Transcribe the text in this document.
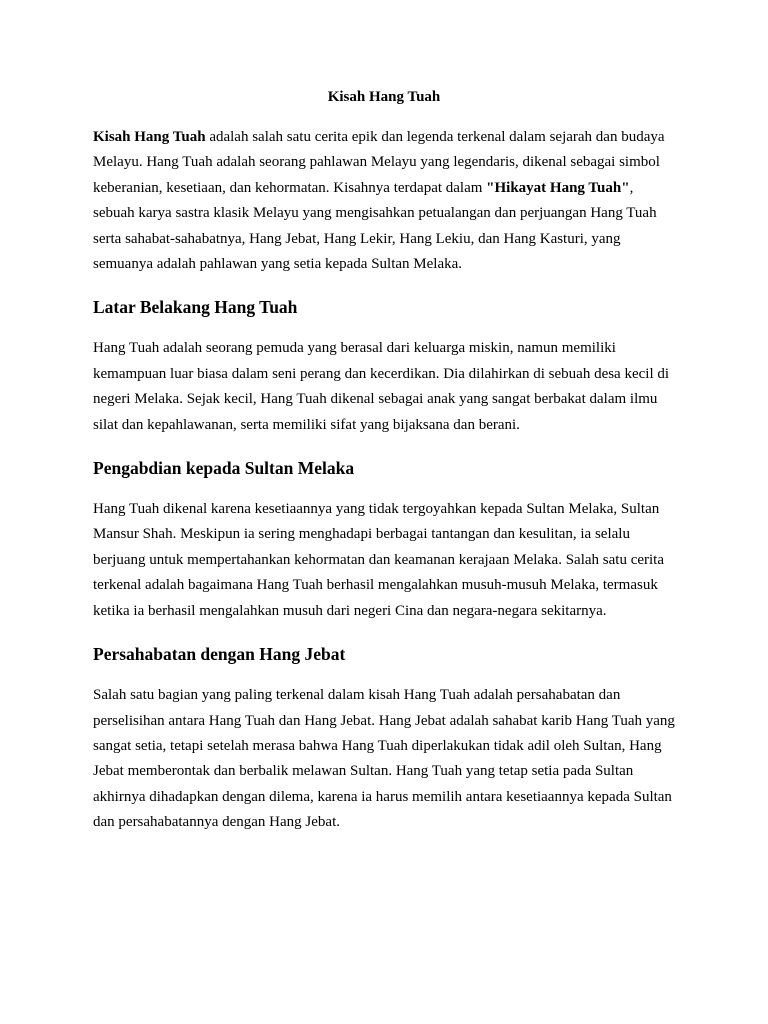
Kisah Hang Tuah

Kisah Hang Tuah adalah salah satu cerita epik dan legenda terkenal dalam sejarah dan budaya Melayu. Hang Tuah adalah seorang pahlawan Melayu yang legendaris, dikenal sebagai simbol keberanian, kesetiaan, dan kehormatan. Kisahnya terdapat dalam "Hikayat Hang Tuah", sebuah karya sastra klasik Melayu yang mengisahkan petualangan dan perjuangan Hang Tuah serta sahabat-sahabatnya, Hang Jebat, Hang Lekir, Hang Lekiu, dan Hang Kasturi, yang semuanya adalah pahlawan yang setia kepada Sultan Melaka.

Latar Belakang Hang Tuah

Hang Tuah adalah seorang pemuda yang berasal dari keluarga miskin, namun memiliki kemampuan luar biasa dalam seni perang dan kecerdikan. Dia dilahirkan di sebuah desa kecil di negeri Melaka. Sejak kecil, Hang Tuah dikenal sebagai anak yang sangat berbakat dalam ilmu silat dan kepahlawanan, serta memiliki sifat yang bijaksana dan berani.

Pengabdian kepada Sultan Melaka

Hang Tuah dikenal karena kesetiaannya yang tidak tergoyahkan kepada Sultan Melaka, Sultan Mansur Shah. Meskipun ia sering menghadapi berbagai tantangan dan kesulitan, ia selalu berjuang untuk mempertahankan kehormatan dan keamanan kerajaan Melaka. Salah satu cerita terkenal adalah bagaimana Hang Tuah berhasil mengalahkan musuh-musuh Melaka, termasuk ketika ia berhasil mengalahkan musuh dari negeri Cina dan negara-negara sekitarnya.

Persahabatan dengan Hang Jebat

Salah satu bagian yang paling terkenal dalam kisah Hang Tuah adalah persahabatan dan perselisihan antara Hang Tuah dan Hang Jebat. Hang Jebat adalah sahabat karib Hang Tuah yang sangat setia, tetapi setelah merasa bahwa Hang Tuah diperlakukan tidak adil oleh Sultan, Hang Jebat memberontak dan berbalik melawan Sultan. Hang Tuah yang tetap setia pada Sultan akhirnya dihadapkan dengan dilema, karena ia harus memilih antara kesetiaannya kepada Sultan dan persahabatannya dengan Hang Jebat.
